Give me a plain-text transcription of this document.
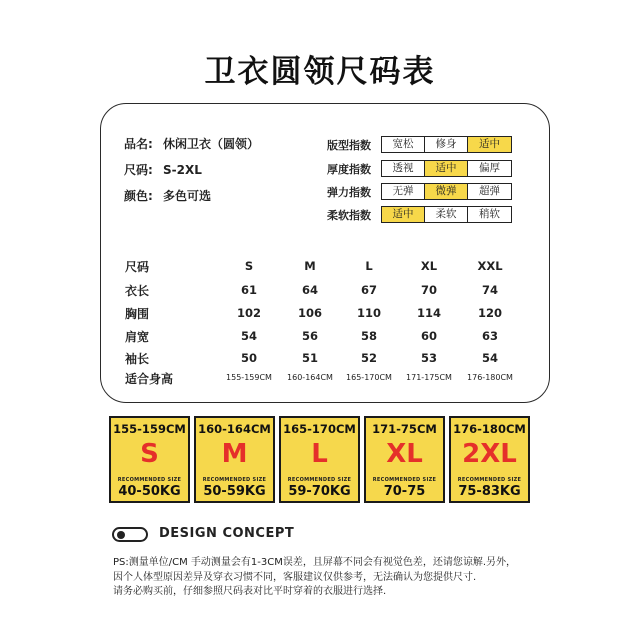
卫衣圆领尺码表
品名: 休闲卫衣（圆领）
尺码: S-2XL
颜色: 多色可选
版型指数	宽松	修身	适中
厚度指数	透视	适中	偏厚
弹力指数	无弹	微弹	超弹
柔软指数	适中	柔软	稍软
尺码	S	M	L	XL	XXL
衣长	61	64	67	70	74
胸围	102	106	110	114	120
肩宽	54	56	58	60	63
袖长	50	51	52	53	54
适合身高	155-159CM	160-164CM	165-170CM	171-175CM	176-180CM
155-159CM
S
RECOMMENDED SIZE
40-50KG
160-164CM
M
RECOMMENDED SIZE
50-59KG
165-170CM
L
RECOMMENDED SIZE
59-70KG
171-75CM
XL
RECOMMENDED SIZE
70-75
176-180CM
2XL
RECOMMENDED SIZE
75-83KG
DESIGN CONCEPT
PS:测量单位/CM 手动测量会有1-3CM误差，且屏幕不同会有视觉色差，还请您谅解.另外，
因个人体型原因差异及穿衣习惯不同，客服建议仅供参考，无法确认为您提供尺寸.
请务必购买前，仔细参照尺码表对比平时穿着的衣服进行选择.
